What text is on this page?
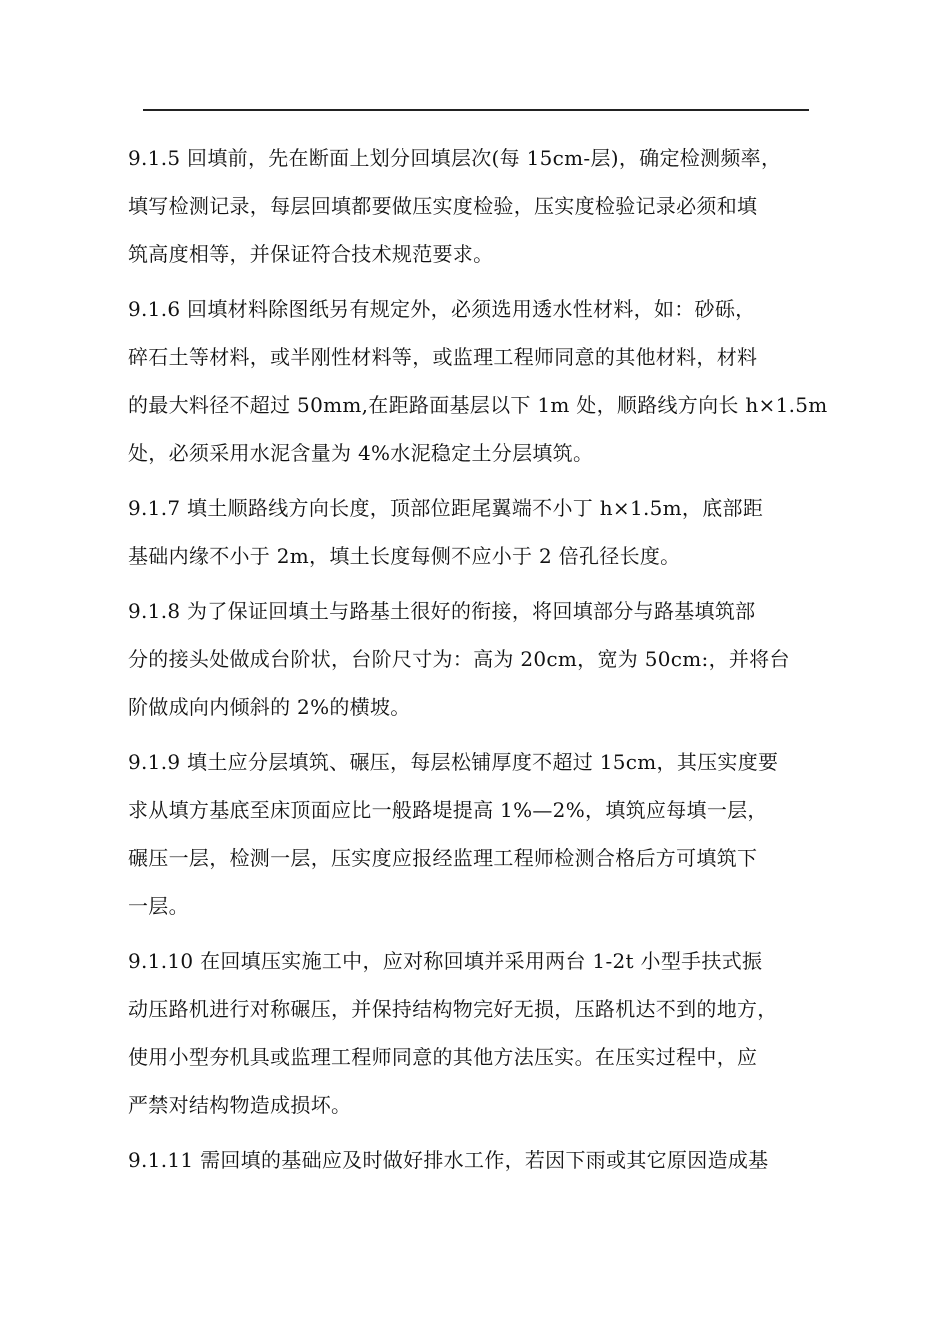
9.1.5 回填前，先在断面上划分回填层次(每 15cm-层)，确定检测频率，
填写检测记录，每层回填都要做压实度检验，压实度检验记录必须和填
筑高度相等，并保证符合技术规范要求。
9.1.6 回填材料除图纸另有规定外，必须选用透水性材料，如：砂砾，
碎石土等材料，或半刚性材料等，或监理工程师同意的其他材料，材料
的最大料径不超过 50mm,在距路面基层以下 1m 处，顺路线方向长 h×1.5m
处，必须采用水泥含量为 4%水泥稳定土分层填筑。
9.1.7 填土顺路线方向长度，顶部位距尾翼端不小丁 h×1.5m，底部距
基础内缘不小于 2m，填土长度每侧不应小于 2 倍孔径长度。
9.1.8 为了保证回填土与路基土很好的衔接，将回填部分与路基填筑部
分的接头处做成台阶状，台阶尺寸为：高为 20cm，宽为 50cm:，并将台
阶做成向内倾斜的 2%的横坡。
9.1.9 填土应分层填筑、碾压，每层松铺厚度不超过 15cm，其压实度要
求从填方基底至床顶面应比一般路堤提高 1%—2%，填筑应每填一层，
碾压一层，检测一层，压实度应报经监理工程师检测合格后方可填筑下
一层。
9.1.10 在回填压实施工中，应对称回填并采用两台 1-2t 小型手扶式振
动压路机进行对称碾压，并保持结构物完好无损，压路机达不到的地方，
使用小型夯机具或监理工程师同意的其他方法压实。在压实过程中，应
严禁对结构物造成损坏。
9.1.11 需回填的基础应及时做好排水工作，若因下雨或其它原因造成基
